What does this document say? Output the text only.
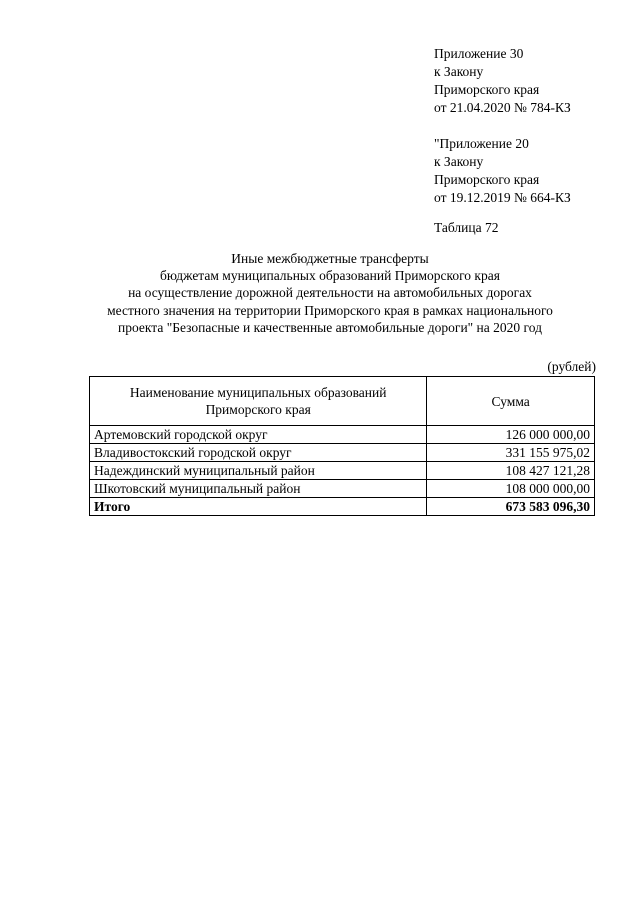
Приложение 30
к Закону
Приморского края
от 21.04.2020 № 784-КЗ
"Приложение 20
к Закону
Приморского края
от 19.12.2019 № 664-КЗ
Таблица 72
Иные межбюджетные трансферты
бюджетам муниципальных образований Приморского края
на осуществление дорожной деятельности на автомобильных дорогах
местного значения на территории Приморского края в рамках национального
проекта "Безопасные и качественные автомобильные дороги" на 2020 год
(рублей)
Наименование муниципальных образований
Приморского края	Сумма
Артемовский городской округ	126 000 000,00
Владивостокский городской округ	331 155 975,02
Надеждинский муниципальный район	108 427 121,28
Шкотовский муниципальный район	108 000 000,00
Итого	673 583 096,30
